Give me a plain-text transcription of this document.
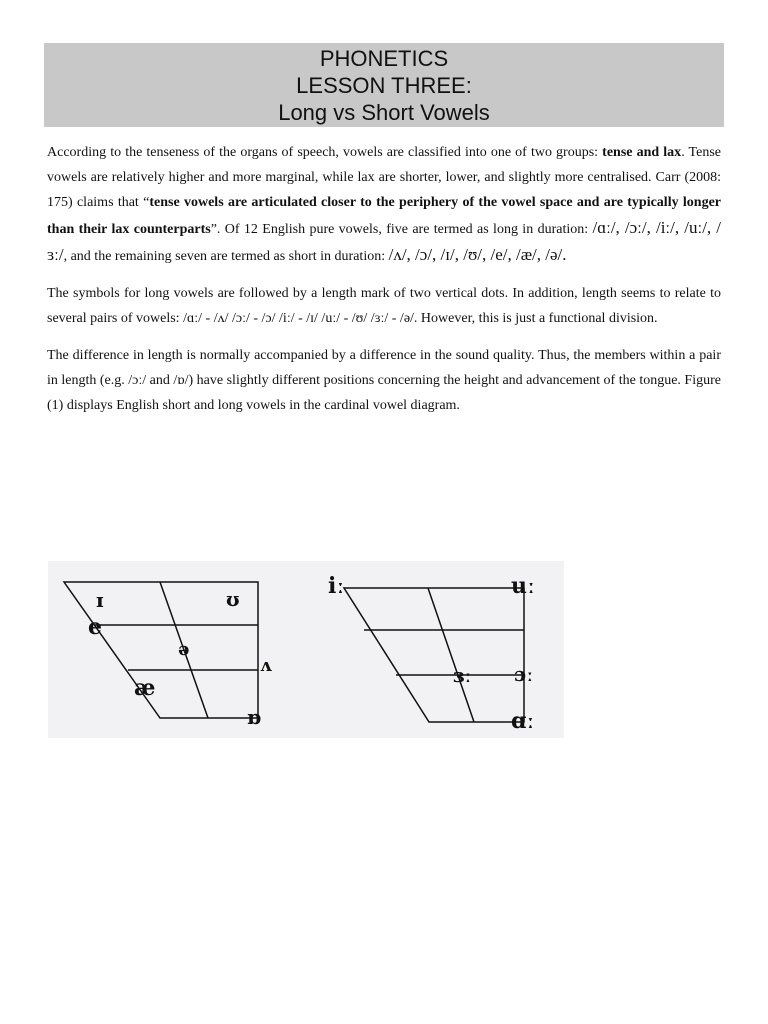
PHONETICS
LESSON THREE:
Long vs Short Vowels

According to the tenseness of the organs of speech, vowels are classified into one of two groups: tense and lax. Tense vowels are relatively higher and more marginal, while lax are shorter, lower, and slightly more centralised. Carr (2008: 175) claims that “tense vowels are articulated closer to the periphery of the vowel space and are typically longer than their lax counterparts”. Of 12 English pure vowels, five are termed as long in duration: /ɑː/, /ɔː/, /iː/, /uː/, /ɜː/, and the remaining seven are termed as short in duration: /ʌ/, /ɔ/, /ɪ/, /ʊ/, /e/, /æ/, /ə/.

The symbols for long vowels are followed by a length mark of two vertical dots. In addition, length seems to relate to several pairs of vowels: /ɑː/ - /ʌ/ /ɔː/ - /ɔ/ /iː/ - /ɪ/ /uː/ - /ʊ/ /ɜː/ - /ə/. However, this is just a functional division.

The difference in length is normally accompanied by a difference in the sound quality. Thus, the members within a pair in length (e.g. /ɔː/ and /ɒ/) have slightly different positions concerning the height and advancement of the tongue. Figure (1) displays English short and long vowels in the cardinal vowel diagram.

ɪ	ʊ
e
ə
ʌ
æ
ɒ
iː	uː
ɜː ɔː
ɑː
